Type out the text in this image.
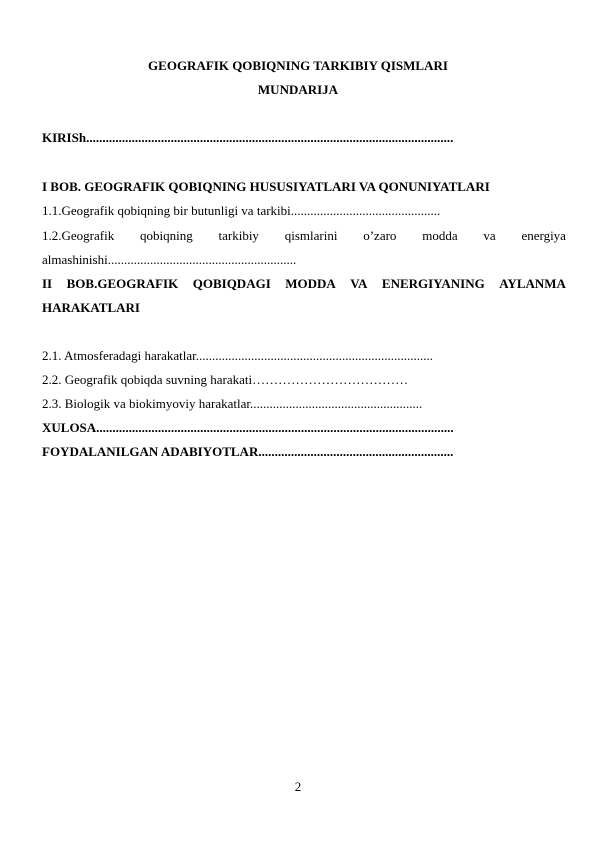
GEOGRAFIK QOBIQNING TARKIBIY QISMLARI
MUNDARIJA
KIRISh.................................................................................................................
I BOB. GEOGRAFIK QOBIQNING HUSUSIYATLARI VA QONUNIYATLARI
1.1.Geografik qobiqning bir butunligi va tarkibi..............................................
1.2.Geografik qobiqning tarkibiy qismlarini o’zaro modda va energiya
almashinishi..........................................................
II BOB.GEOGRAFIK QOBIQDAGI MODDA VA ENERGIYANING AYLANMA
HARAKATLARI
2.1. Atmosferadagi harakatlar.........................................................................
2.2. Geografik qobiqda suvning harakati………………………………
2.3. Biologik va biokimyoviy harakatlar.....................................................
XULOSA..............................................................................................................
FOYDALANILGAN ADABIYOTLAR............................................................
2
